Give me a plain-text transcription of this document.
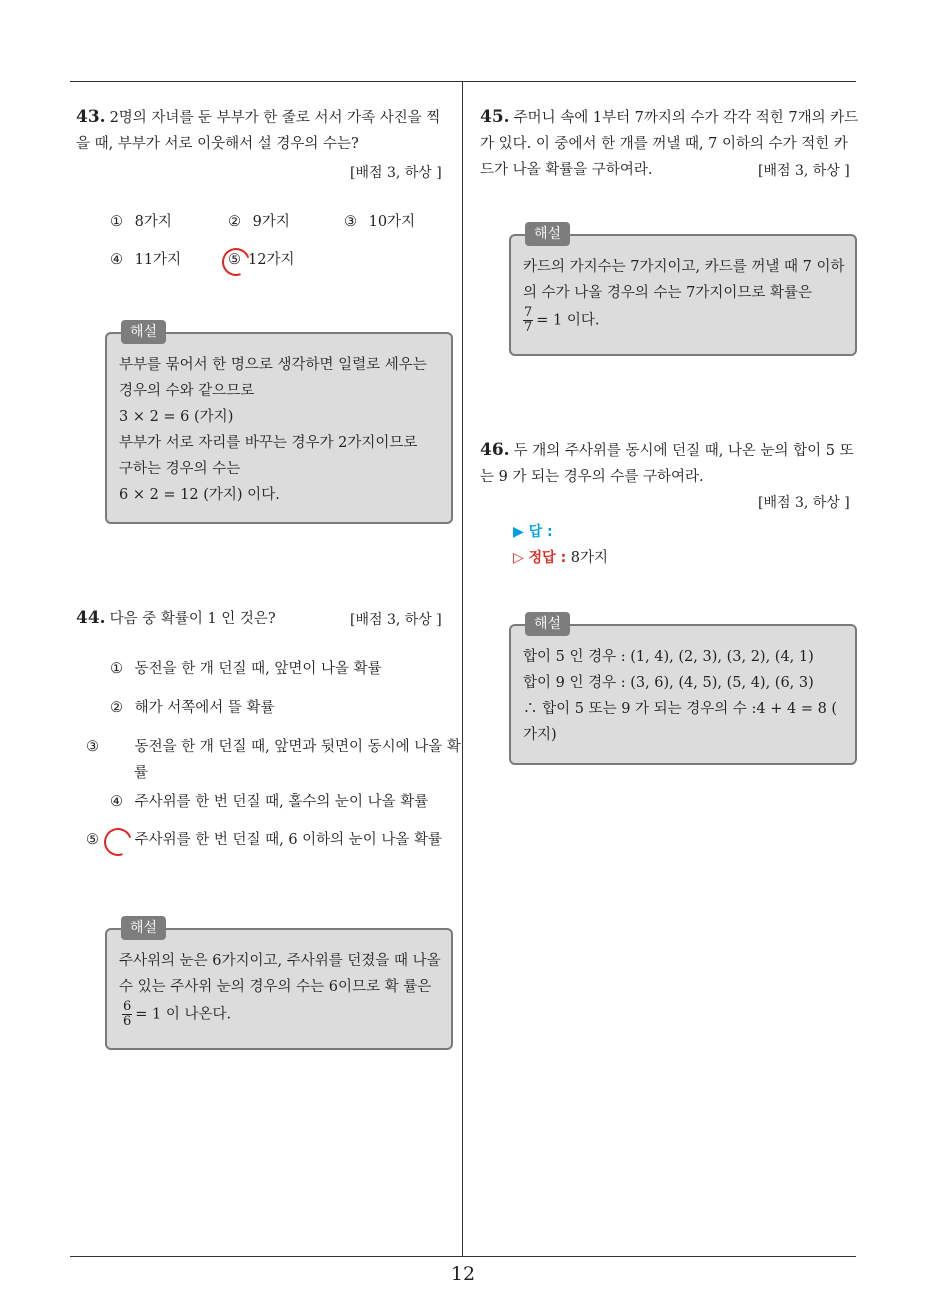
43. 2명의 자녀를 둔 부부가 한 줄로 서서 가족 사진을 찍을 때, 부부가 서로 이웃해서 설 경우의 수는?
[배점 3, 하상 ]
① 8가지	② 9가지	③ 10가지
④ 11가지	⑤ 12가지
해설
부부를 묶어서 한 명으로 생각하면 일렬로 세우는
경우의 수와 같으므로
3 × 2 = 6 (가지)
부부가 서로 자리를 바꾸는 경우가 2가지이므로
구하는 경우의 수는
6 × 2 = 12 (가지) 이다.
44. 다음 중 확률이 1 인 것은?	[배점 3, 하상 ]
① 동전을 한 개 던질 때, 앞면이 나올 확률
② 해가 서쪽에서 뜰 확률
③ 동전을 한 개 던질 때, 앞면과 뒷면이 동시에 나올 확률
④ 주사위를 한 번 던질 때, 홀수의 눈이 나올 확률
⑤ 주사위를 한 번 던질 때, 6 이하의 눈이 나올 확률
해설
주사위의 눈은 6가지이고, 주사위를 던졌을 때 나올 수 있는 주사위 눈의 경우의 수는 6이므로 확 률은
$\frac{6}{6} = 1$ 이 나온다.
45. 주머니 속에 1부터 7까지의 수가 각각 적힌 7개의 카드가 있다. 이 중에서 한 개를 꺼낼 때, 7 이하의 수가 적힌 카드가 나올 확률을 구하여라.	[배점 3, 하상 ]
해설
카드의 가지수는 7가지이고, 카드를 꺼낼 때 7 이하의 수가 나올 경우의 수는 7가지이므로 확률은

$\frac{7}{7} = 1$ 이다.
46. 두 개의 주사위를 동시에 던질 때, 나온 눈의 합이 5 또는 9 가 되는 경우의 수를 구하여라.
[배점 3, 하상 ]
▶ 답 :
▷ 정답 : 8가지
해설
합이 5 인 경우 : (1, 4), (2, 3), (3, 2), (4, 1)
합이 9 인 경우 : (3, 6), (4, 5), (5, 4), (6, 3)
∴ 합이 5 또는 9 가 되는 경우의 수 :4 + 4 = 8 (
가지)
12
